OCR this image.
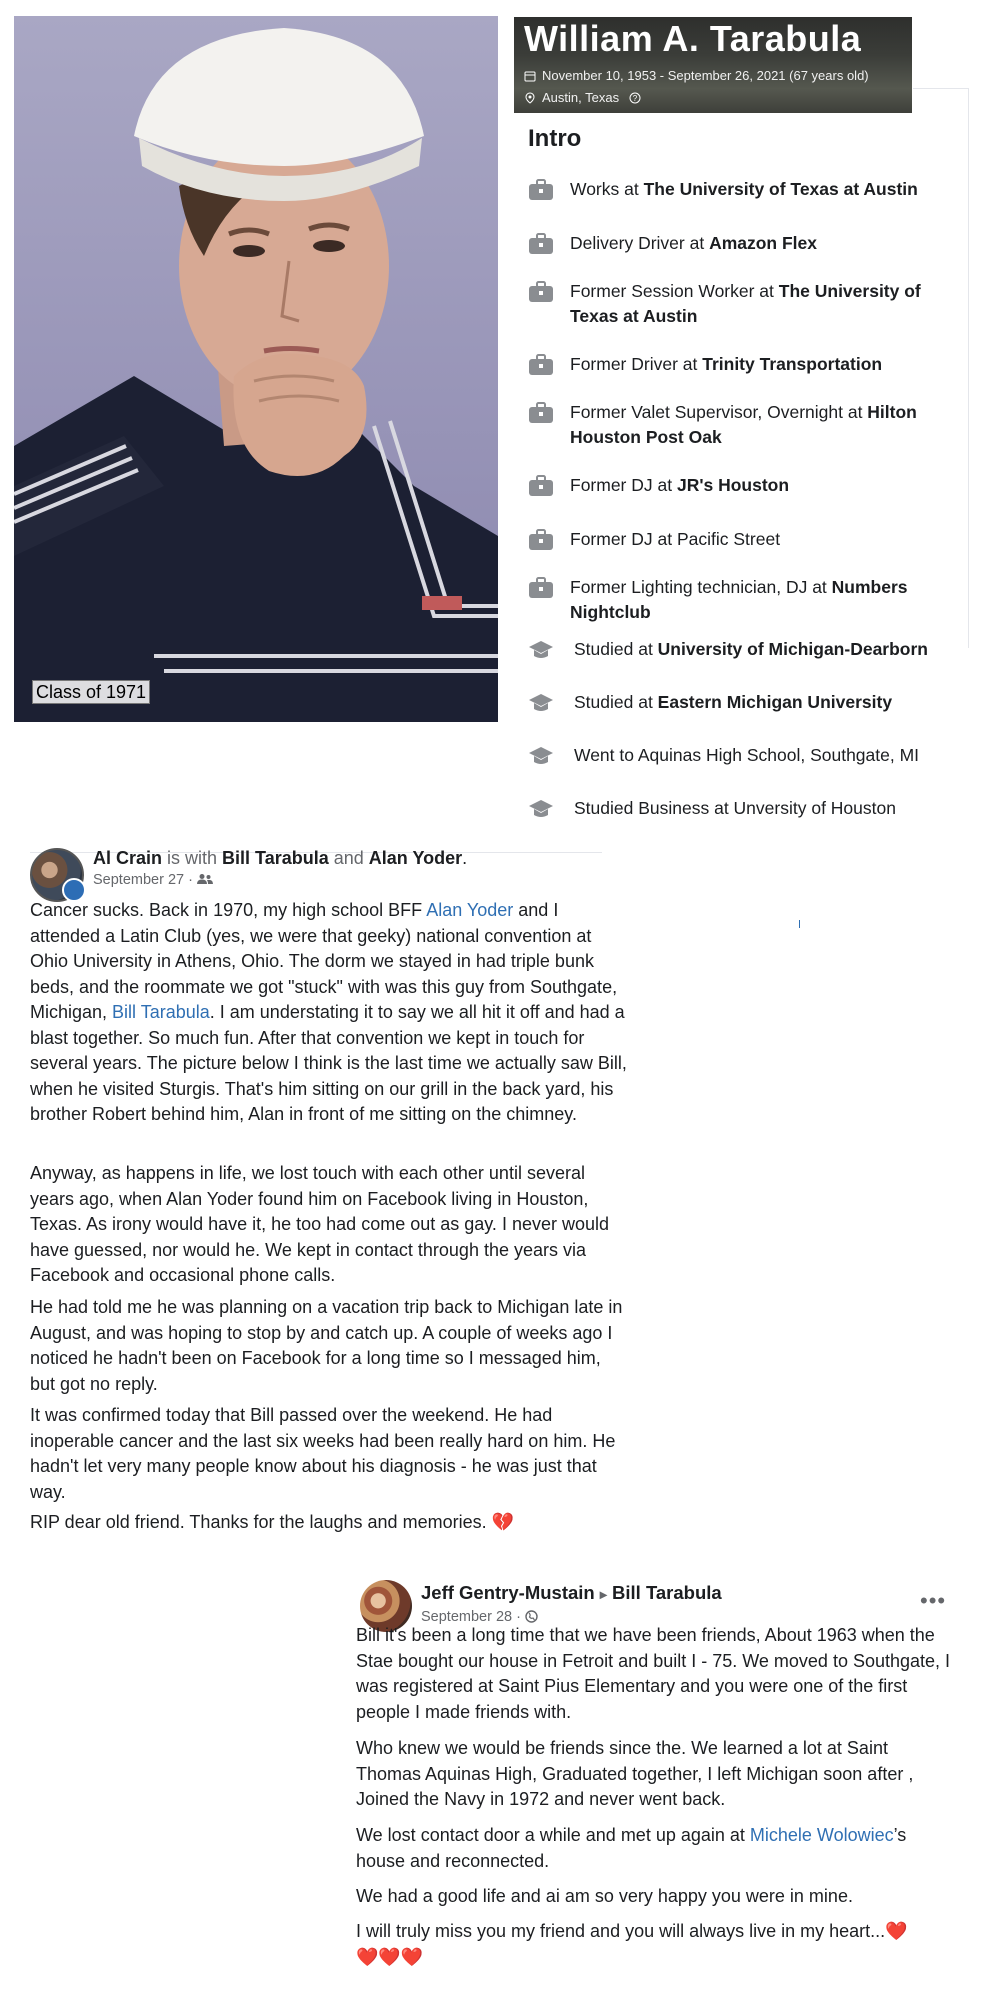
Class of 1971
William A. Tarabula
November 10, 1953 - September 26, 2021 (67 years old)
Austin, Texas ?
Intro
Works at The University of Texas at Austin
Delivery Driver at Amazon Flex
Former Session Worker at The University of Texas at Austin
Former Driver at Trinity Transportation
Former Valet Supervisor, Overnight at Hilton Houston Post Oak
Former DJ at JR's Houston
Former DJ at Pacific Street
Former Lighting technician, DJ at Numbers Nightclub
Studied at University of Michigan-Dearborn
Studied at Eastern Michigan University
Went to Aquinas High School, Southgate, MI
Studied Business at Unversity of Houston
Al Crain is with Bill Tarabula and Alan Yoder.
September 27 ·

Cancer sucks. Back in 1970, my high school BFF Alan Yoder and I attended a Latin Club (yes, we were that geeky) national convention at Ohio University in Athens, Ohio. The dorm we stayed in had triple bunk beds, and the roommate we got "stuck" with was this guy from Southgate, Michigan, Bill Tarabula. I am understating it to say we all hit it off and had a blast together. So much fun. After that convention we kept in touch for several years. The picture below I think is the last time we actually saw Bill, when he visited Sturgis. That's him sitting on our grill in the back yard, his brother Robert behind him, Alan in front of me sitting on the chimney.

Anyway, as happens in life, we lost touch with each other until several years ago, when Alan Yoder found him on Facebook living in Houston, Texas. As irony would have it, he too had come out as gay. I never would have guessed, nor would he. We kept in contact through the years via Facebook and occasional phone calls.

He had told me he was planning on a vacation trip back to Michigan late in August, and was hoping to stop by and catch up. A couple of weeks ago I noticed he hadn't been on Facebook for a long time so I messaged him, but got no reply.

It was confirmed today that Bill passed over the weekend. He had inoperable cancer and the last six weeks had been really hard on him. He hadn't let very many people know about his diagnosis - he was just that way.

RIP dear old friend. Thanks for the laughs and memories. 💔

Jeff Gentry-Mustain ▸ Bill Tarabula
September 28 ·
•••

Bill it's been a long time that we have been friends, About 1963 when the Stae bought our house in Fetroit and built I - 75. We moved to Southgate, I was registered at Saint Pius Elementary and you were one of the first people I made friends with.

Who knew we would be friends since the. We learned a lot at Saint Thomas Aquinas High, Graduated together, I left Michigan soon after , Joined the Navy in 1972 and never went back.

We lost contact door a while and met up again at Michele Wolowiec’s house and reconnected.

We had a good life and ai am so very happy you were in mine.

I will truly miss you my friend and you will always live in my heart...❤️
❤️❤️❤️
